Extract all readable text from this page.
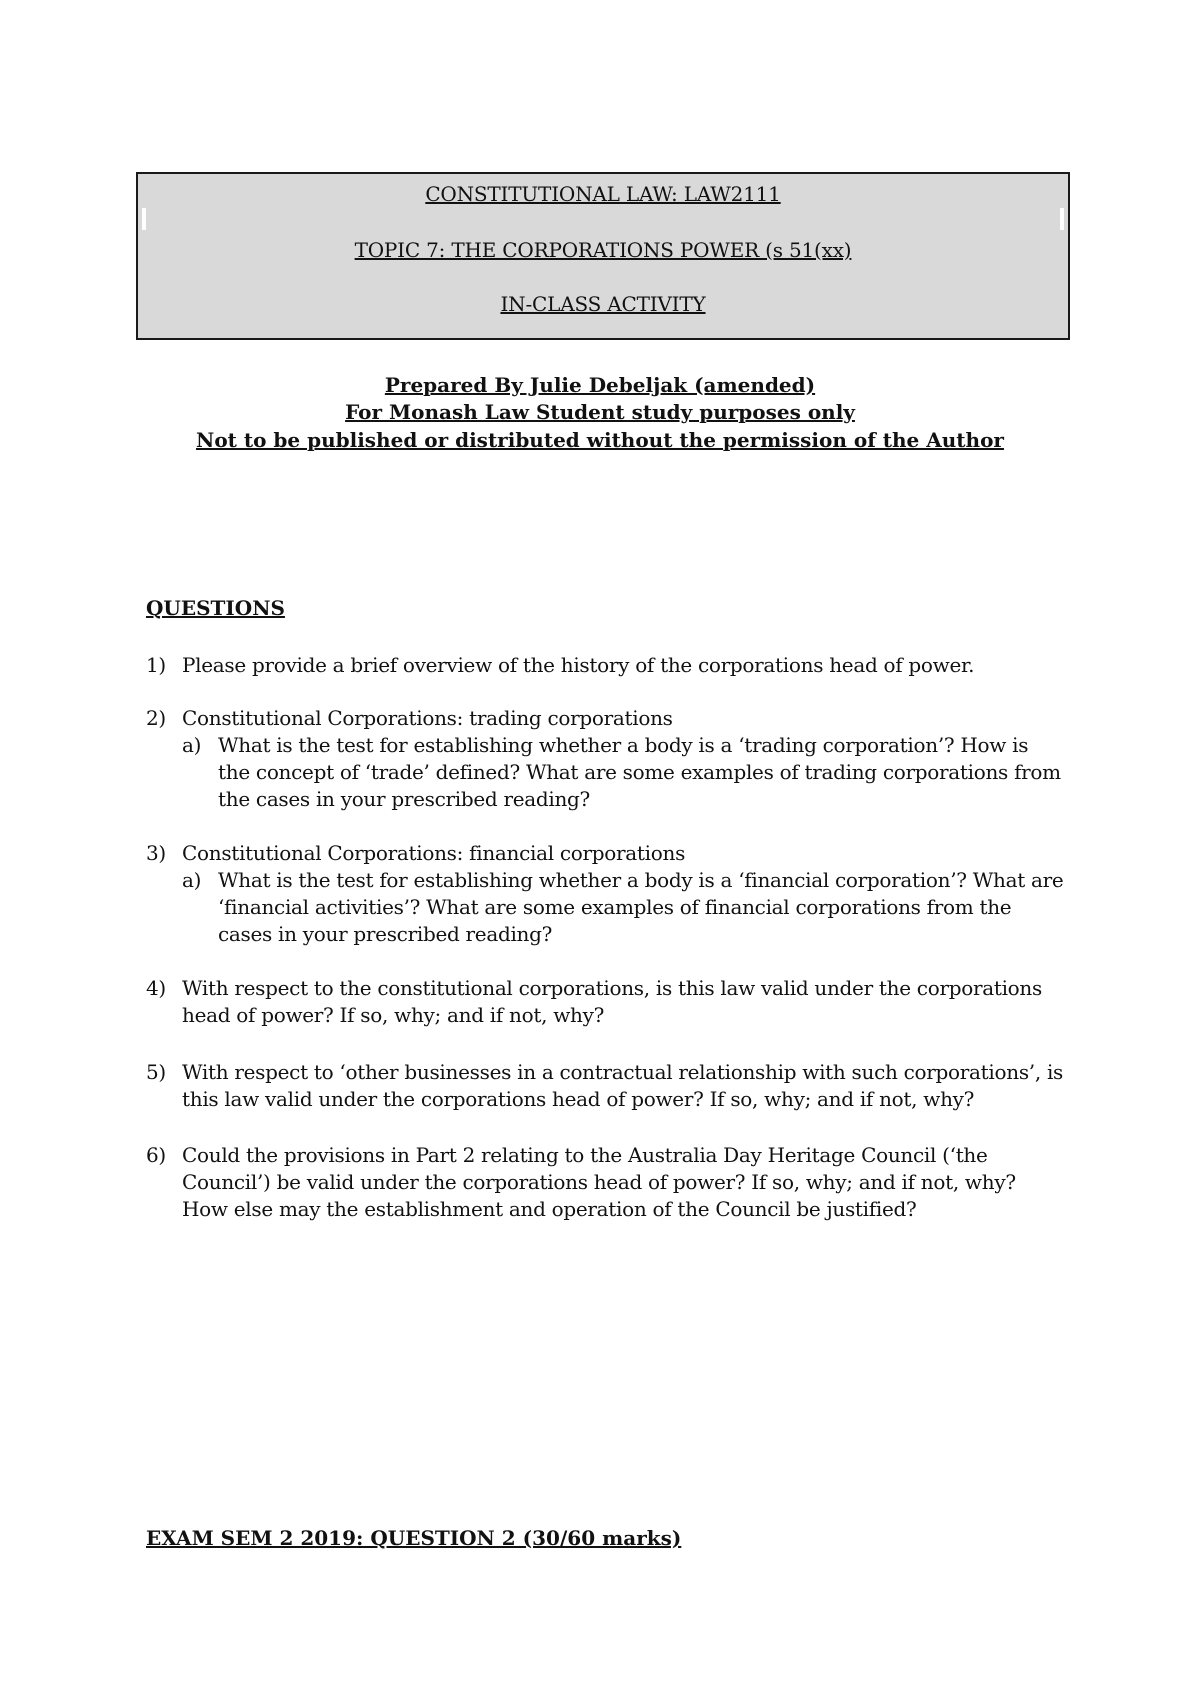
CONSTITUTIONAL LAW: LAW2111
TOPIC 7: THE CORPORATIONS POWER (s 51(xx)
IN-CLASS ACTIVITY
Prepared By Julie Debeljak (amended)
For Monash Law Student study purposes only
Not to be published or distributed without the permission of the Author
QUESTIONS
1) Please provide a brief overview of the history of the corporations head of power.
2) Constitutional Corporations: trading corporations
a) What is the test for establishing whether a body is a ‘trading corporation’? How is the concept of ‘trade’ defined? What are some examples of trading corporations from the cases in your prescribed reading?
3) Constitutional Corporations: financial corporations
a) What is the test for establishing whether a body is a ‘financial corporation’? What are ‘financial activities’? What are some examples of financial corporations from the cases in your prescribed reading?
4) With respect to the constitutional corporations, is this law valid under the corporations head of power? If so, why; and if not, why?
5) With respect to ‘other businesses in a contractual relationship with such corporations’, is this law valid under the corporations head of power? If so, why; and if not, why?
6) Could the provisions in Part 2 relating to the Australia Day Heritage Council (‘the Council’) be valid under the corporations head of power? If so, why; and if not, why? How else may the establishment and operation of the Council be justified?
EXAM SEM 2 2019: QUESTION 2 (30/60 marks)
